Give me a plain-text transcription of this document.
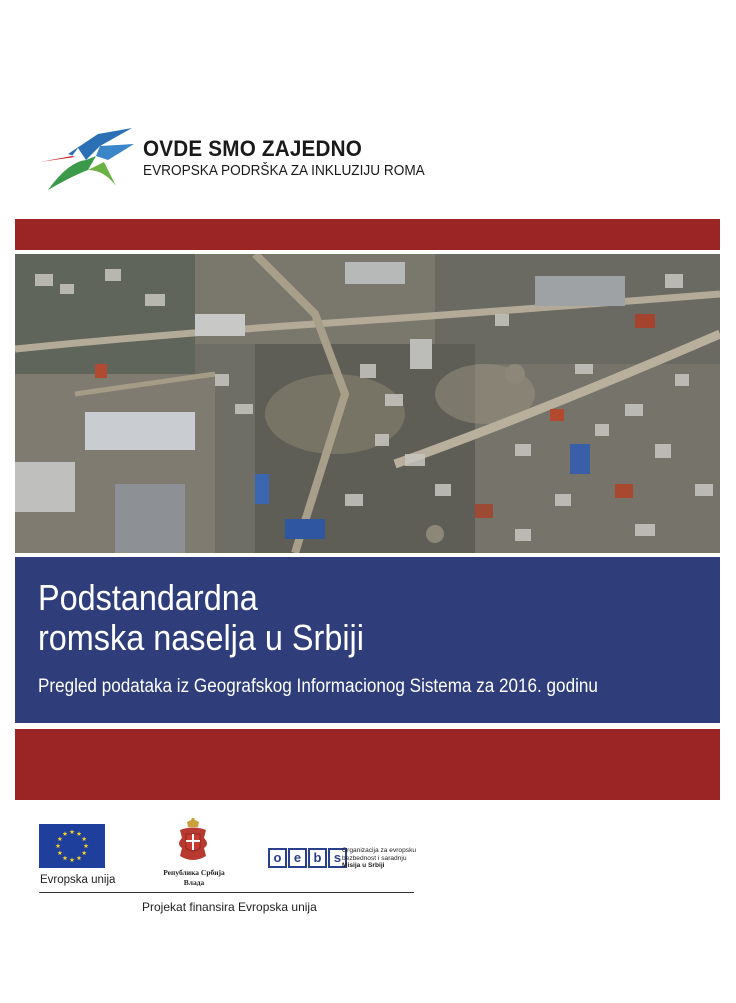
OVDE SMO ZAJEDNO
EVROPSKA PODRŠKA ZA INKLUZIJU ROMA
Podstandardna
romska naselja u Srbiji
Pregled podataka iz Geografskog Informacionog Sistema za 2016. godinu
Evropska unija
Република Србија
Влада
o e b s Organizacija za evropsku
bezbednost i saradnju
Misija u Srbiji
Projekat finansira Evropska unija
